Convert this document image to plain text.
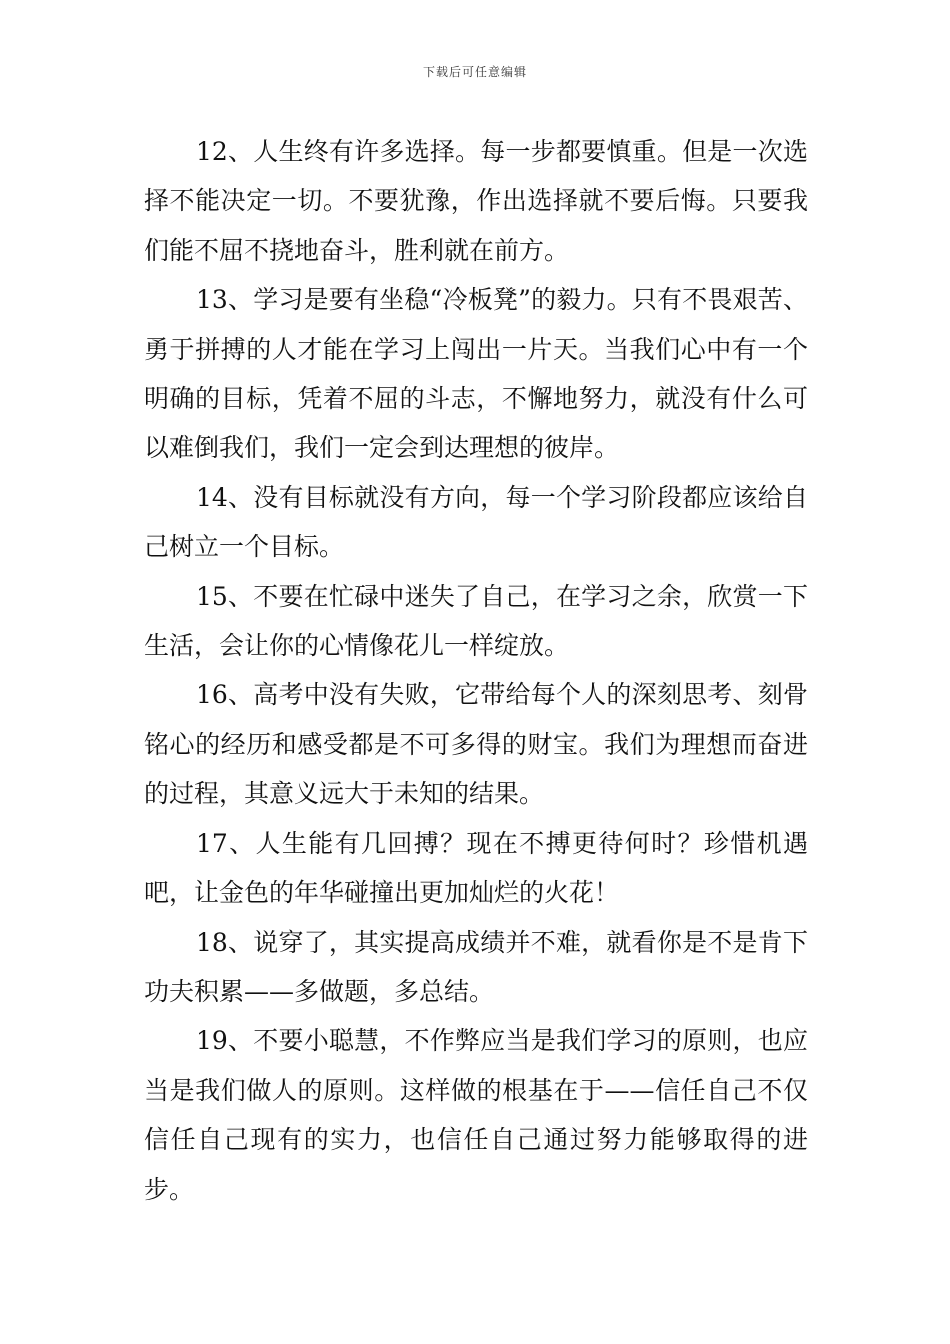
下载后可任意编辑

12、人生终有许多选择。每一步都要慎重。但是一次选择不能决定一切。不要犹豫，作出选择就不要后悔。只要我们能不屈不挠地奋斗，胜利就在前方。

13、学习是要有坐稳“冷板凳”的毅力。只有不畏艰苦、勇于拼搏的人才能在学习上闯出一片天。当我们心中有一个明确的目标，凭着不屈的斗志，不懈地努力，就没有什么可以难倒我们，我们一定会到达理想的彼岸。

14、没有目标就没有方向，每一个学习阶段都应该给自己树立一个目标。

15、不要在忙碌中迷失了自己，在学习之余，欣赏一下生活，会让你的心情像花儿一样绽放。

16、高考中没有失败，它带给每个人的深刻思考、刻骨铭心的经历和感受都是不可多得的财宝。我们为理想而奋进的过程，其意义远大于未知的结果。

17、人生能有几回搏？现在不搏更待何时？珍惜机遇吧，让金色的年华碰撞出更加灿烂的火花！

18、说穿了，其实提高成绩并不难，就看你是不是肯下功夫积累——多做题，多总结。

19、不要小聪慧，不作弊应当是我们学习的原则，也应当是我们做人的原则。这样做的根基在于——信任自己不仅信任自己现有的实力，也信任自己通过努力能够取得的进步。
